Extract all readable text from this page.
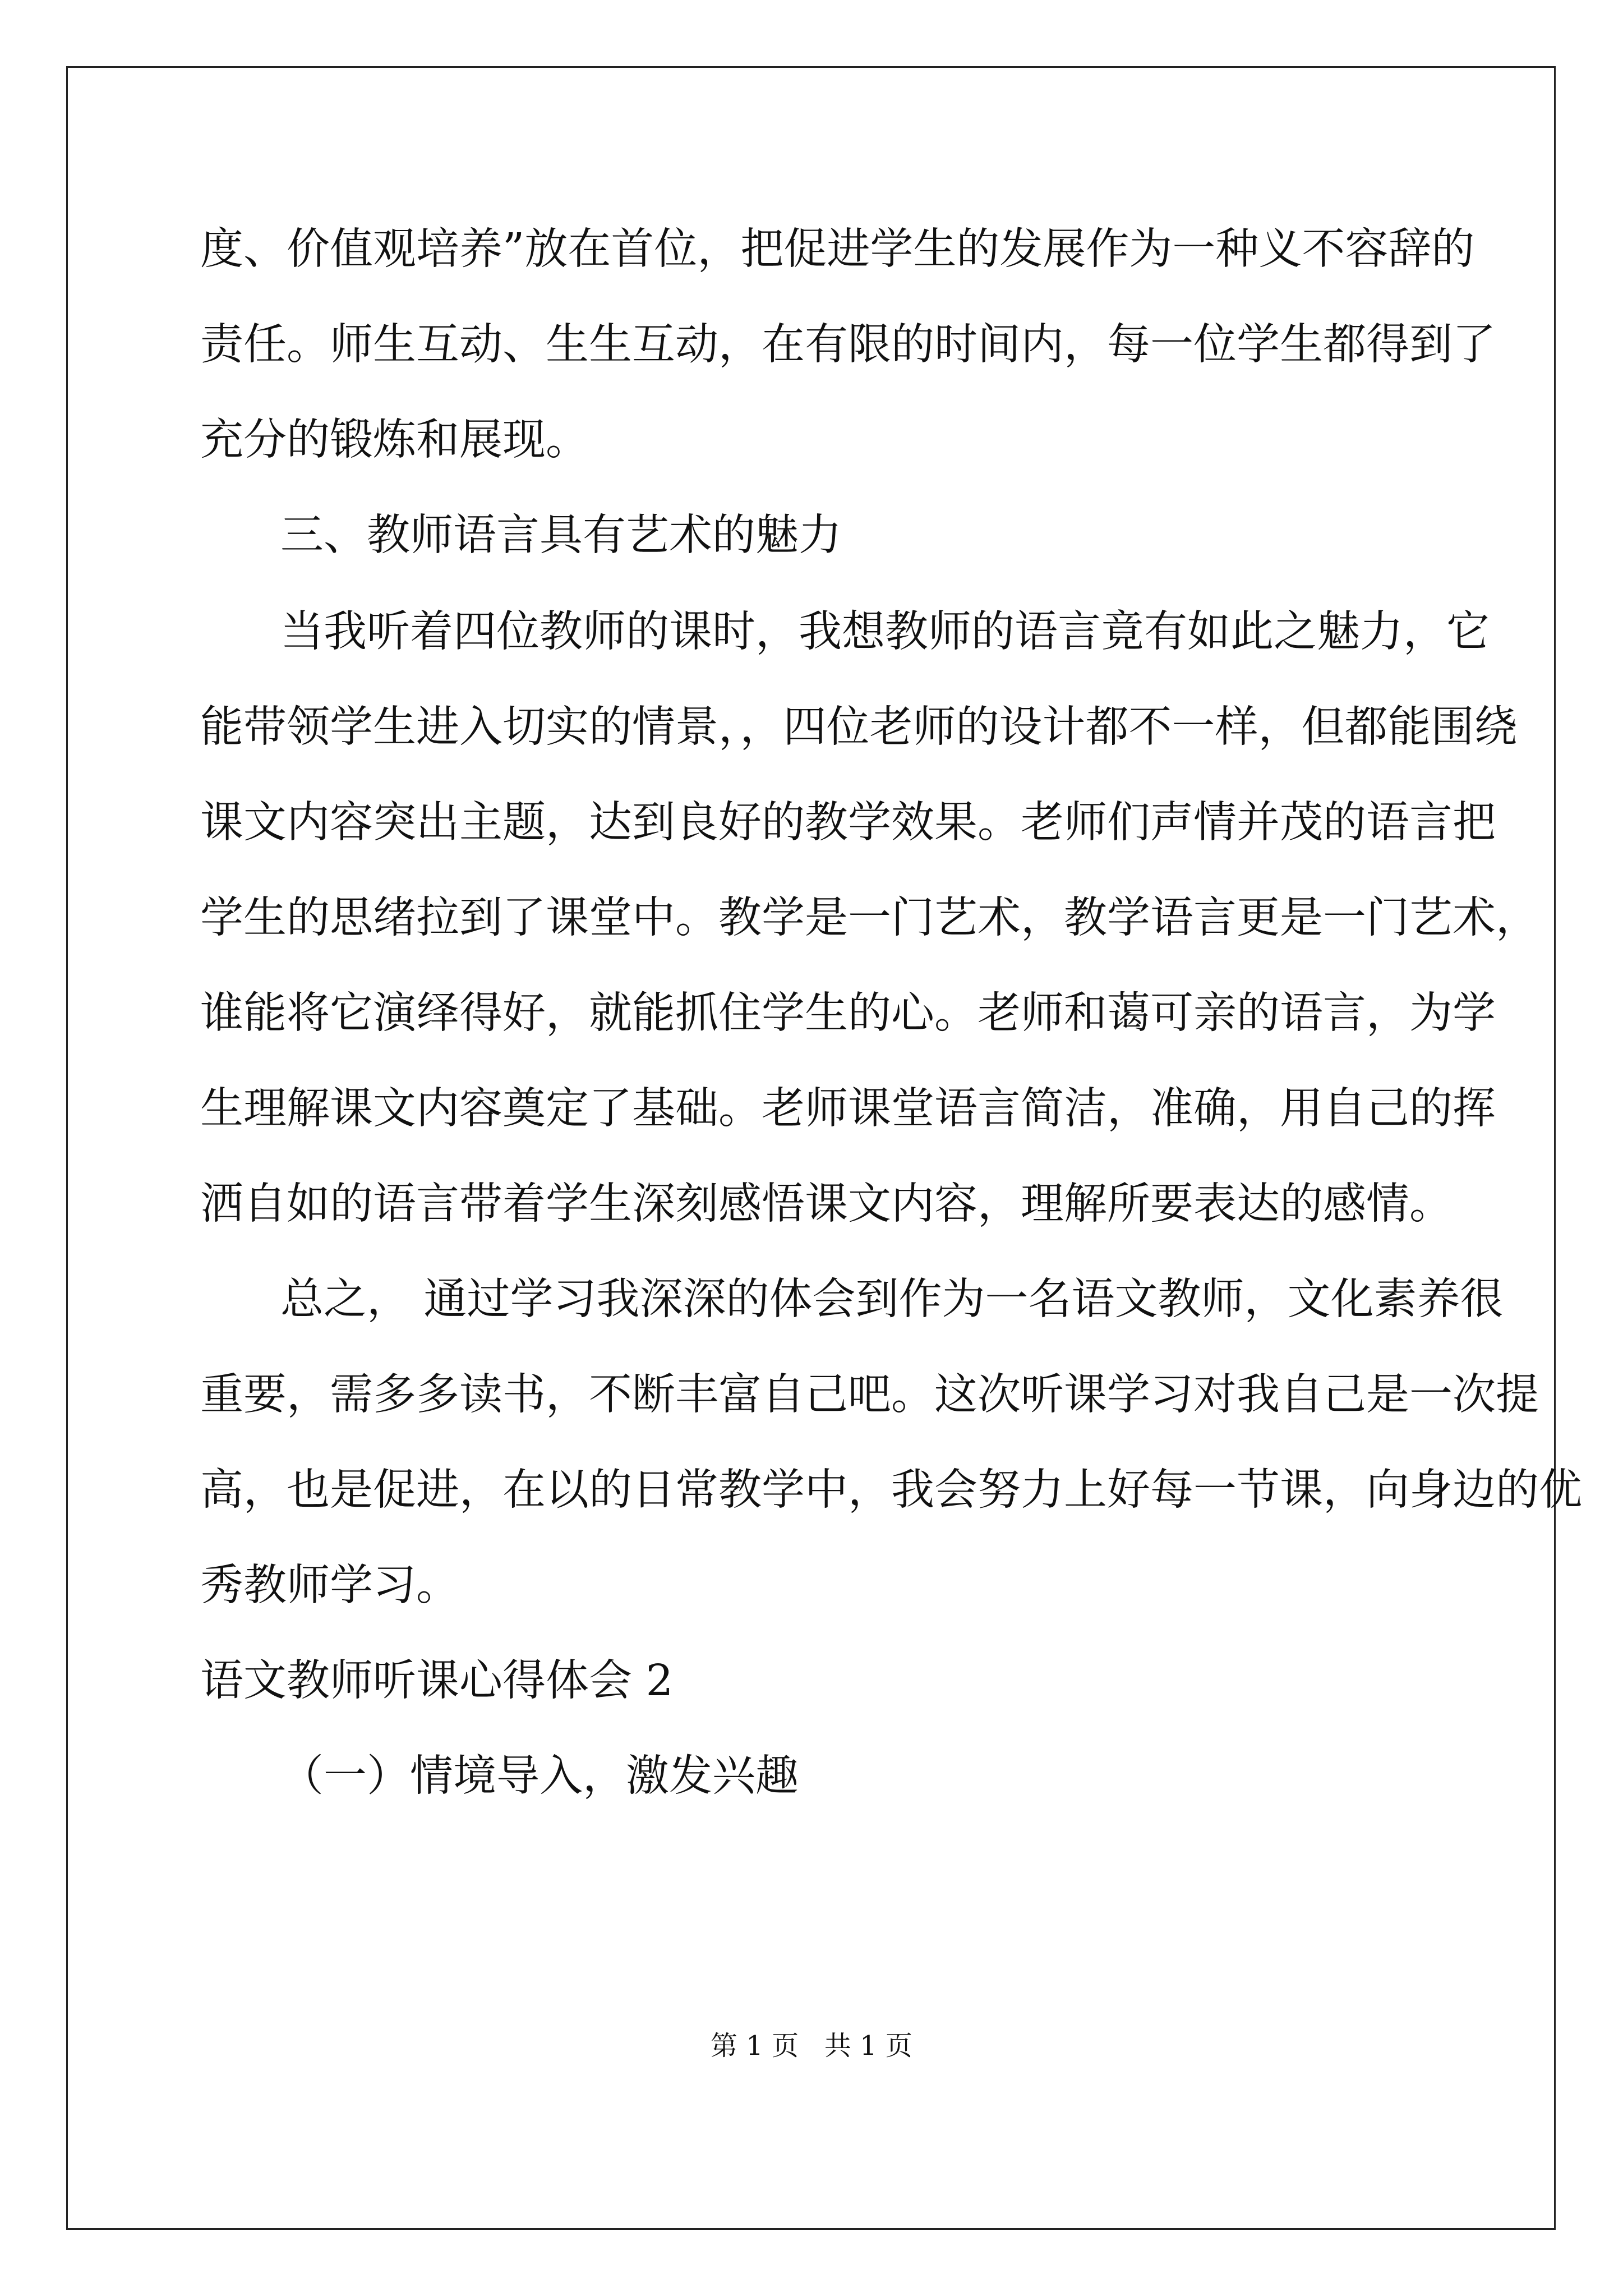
度、价值观培养”放在首位，把促进学生的发展作为一种义不容辞的
责任。师生互动、生生互动，在有限的时间内，每一位学生都得到了
充分的锻炼和展现。
三、教师语言具有艺术的魅力
当我听着四位教师的课时，我想教师的语言竟有如此之魅力，它
能带领学生进入切实的情景，，四位老师的设计都不一样，但都能围绕
课文内容突出主题，达到良好的教学效果。老师们声情并茂的语言把
学生的思绪拉到了课堂中。教学是一门艺术，教学语言更是一门艺术，
谁能将它演绎得好，就能抓住学生的心。老师和蔼可亲的语言，为学
生理解课文内容奠定了基础。老师课堂语言简洁，准确，用自己的挥
洒自如的语言带着学生深刻感悟课文内容，理解所要表达的感情。
总之， 通过学习我深深的体会到作为一名语文教师，文化素养很
重要，需多多读书，不断丰富自己吧。这次听课学习对我自己是一次提
高，也是促进，在以的日常教学中，我会努力上好每一节课，向身边的优
秀教师学习。
语文教师听课心得体会 2
（一）情境导入，激发兴趣
第 1 页   共 1 页
